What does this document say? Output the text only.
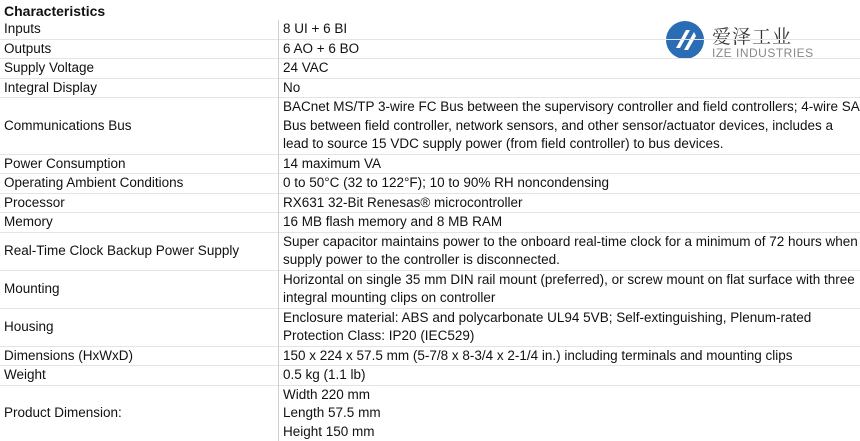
Characteristics
爱泽工业
IZE INDUSTRIES
Inputs	8 UI + 6 BI
Outputs	6 AO + 6 BO
Supply Voltage	24 VAC
Integral Display	No
Communications Bus	BACnet MS/TP 3-wire FC Bus between the supervisory controller and field controllers; 4-wire SA Bus between field controller, network sensors, and other sensor/actuator devices, includes a lead to source 15 VDC supply power (from field controller) to bus devices.
Power Consumption	14 maximum VA
Operating Ambient Conditions	0 to 50°C (32 to 122°F); 10 to 90% RH noncondensing
Processor	RX631 32-Bit Renesas® microcontroller
Memory	16 MB flash memory and 8 MB RAM
Real-Time Clock Backup Power Supply	Super capacitor maintains power to the onboard real-time clock for a minimum of 72 hours when supply power to the controller is disconnected.
Mounting	Horizontal on single 35 mm DIN rail mount (preferred), or screw mount on flat surface with three integral mounting clips on controller
Housing	Enclosure material: ABS and polycarbonate UL94 5VB; Self-extinguishing, Plenum-rated Protection Class: IP20 (IEC529)
Dimensions (HxWxD)	150 x 224 x 57.5 mm (5-7/8 x 8-3/4 x 2-1/4 in.) including terminals and mounting clips
Weight	0.5 kg (1.1 lb)
Product Dimension:	Width 220 mm
	Length 57.5 mm
	Height 150 mm
